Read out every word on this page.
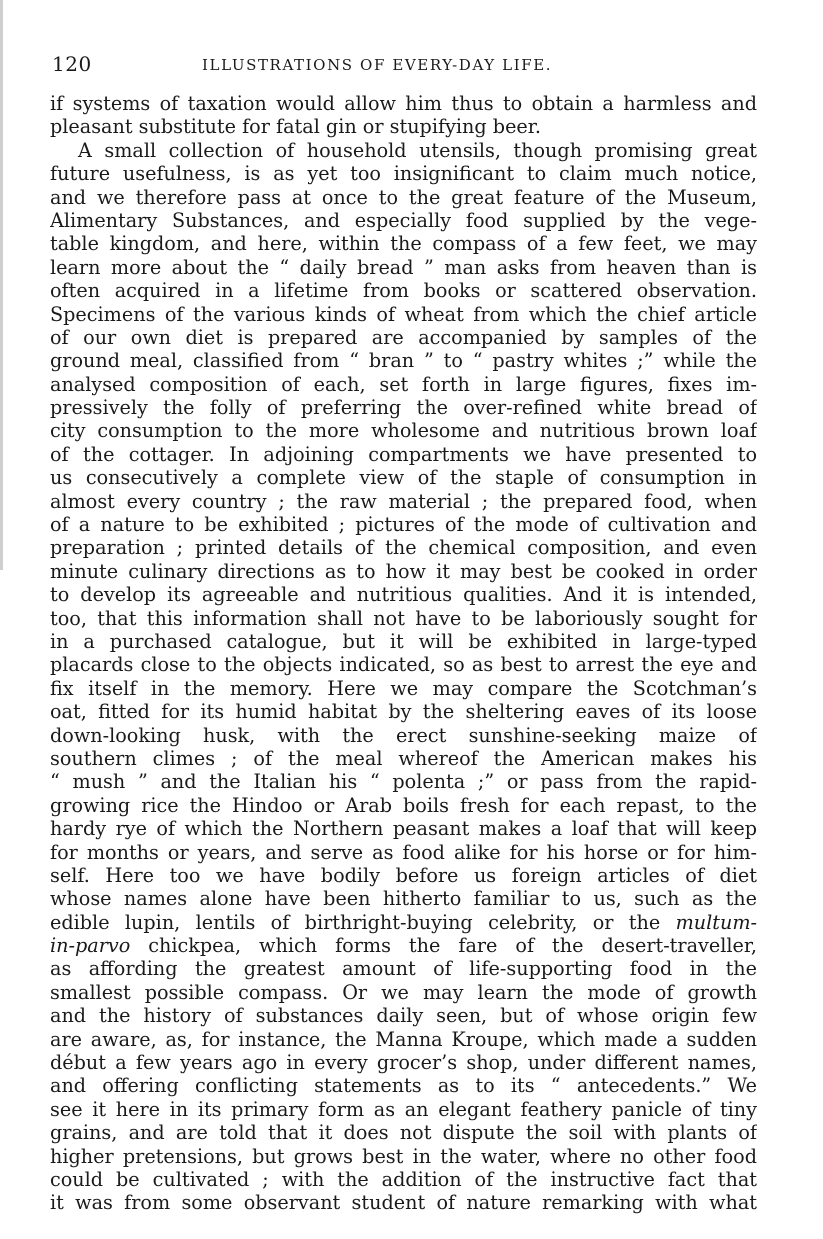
120	ILLUSTRATIONS OF EVERY-DAY LIFE.
if systems of taxation would allow him thus to obtain a harmless and
pleasant substitute for fatal gin or stupifying beer.
A small collection of household utensils, though promising great
future usefulness, is as yet too insignificant to claim much notice,
and we therefore pass at once to the great feature of the Museum,
Alimentary Substances, and especially food supplied by the vege-
table kingdom, and here, within the compass of a few feet, we may
learn more about the “ daily bread ” man asks from heaven than is
often acquired in a lifetime from books or scattered observation.
Specimens of the various kinds of wheat from which the chief article
of our own diet is prepared are accompanied by samples of the
ground meal, classified from “ bran ” to “ pastry whites ;” while the
analysed composition of each, set forth in large figures, fixes im-
pressively the folly of preferring the over-refined white bread of
city consumption to the more wholesome and nutritious brown loaf
of the cottager. In adjoining compartments we have presented to
us consecutively a complete view of the staple of consumption in
almost every country ; the raw material ; the prepared food, when
of a nature to be exhibited ; pictures of the mode of cultivation and
preparation ; printed details of the chemical composition, and even
minute culinary directions as to how it may best be cooked in order
to develop its agreeable and nutritious qualities. And it is intended,
too, that this information shall not have to be laboriously sought for
in a purchased catalogue, but it will be exhibited in large-typed
placards close to the objects indicated, so as best to arrest the eye and
fix itself in the memory. Here we may compare the Scotchman’s
oat, fitted for its humid habitat by the sheltering eaves of its loose
down-looking husk, with the erect sunshine-seeking maize of
southern climes ; of the meal whereof the American makes his
“ mush ” and the Italian his “ polenta ;” or pass from the rapid-
growing rice the Hindoo or Arab boils fresh for each repast, to the
hardy rye of which the Northern peasant makes a loaf that will keep
for months or years, and serve as food alike for his horse or for him-
self. Here too we have bodily before us foreign articles of diet
whose names alone have been hitherto familiar to us, such as the
edible lupin, lentils of birthright-buying celebrity, or the multum-
in-parvo chickpea, which forms the fare of the desert-traveller,
as affording the greatest amount of life-supporting food in the
smallest possible compass. Or we may learn the mode of growth
and the history of substances daily seen, but of whose origin few
are aware, as, for instance, the Manna Kroupe, which made a sudden
début a few years ago in every grocer’s shop, under different names,
and offering conflicting statements as to its “ antecedents.” We
see it here in its primary form as an elegant feathery panicle of tiny
grains, and are told that it does not dispute the soil with plants of
higher pretensions, but grows best in the water, where no other food
could be cultivated ; with the addition of the instructive fact that
it was from some observant student of nature remarking with what
